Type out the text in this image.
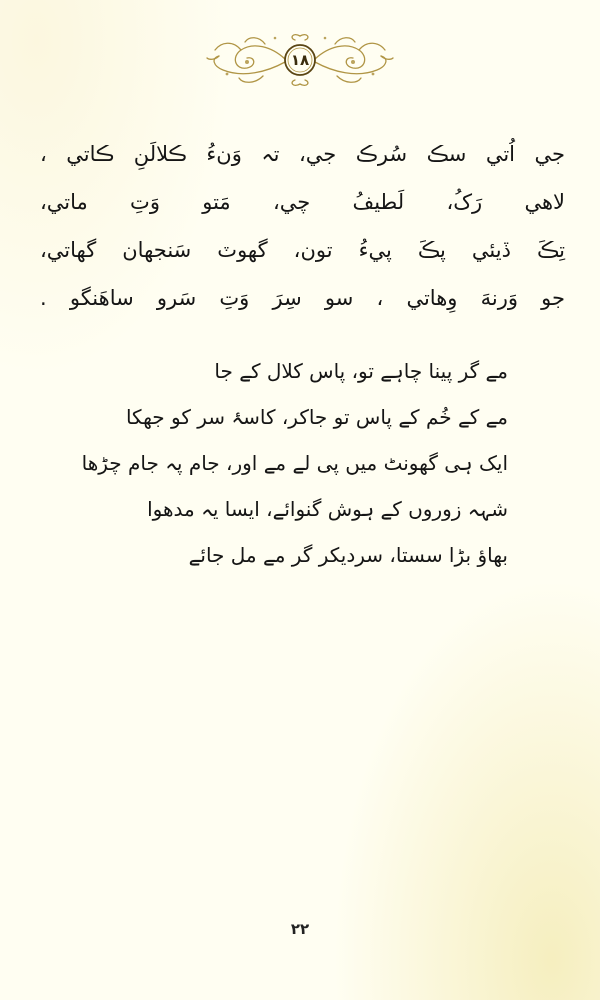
١٨
جي اُتي سڪ سُرڪ جي، تہ وَنءُ ڪلالَنِ ڪاتي ،
لاهي رَکُ، لَطيفُ چي، مَتو وَتِ ماتي،
تِڪَ ڏيئي پڪَ پيءُ تون، گهوٽ سَنجهان گهاتي،
جو وَرنهَ وِهاتي ، سو سِرَ وَتِ سَرو ساهَنگو .
مے گر پینا چاہے تو، پاس کلال کے جا
مے کے خُم کے پاس تو جاکر، کاسۂ سر کو جھکا
ایک ہی گھونٹ میں پی لے مے اور، جام پہ جام چڑھا
شہہ زوروں کے ہوش گنوائے، ایسا یہ مدھوا
بھاؤ بڑا سستا، سردیکر گر مے مل جائے
٢٢
